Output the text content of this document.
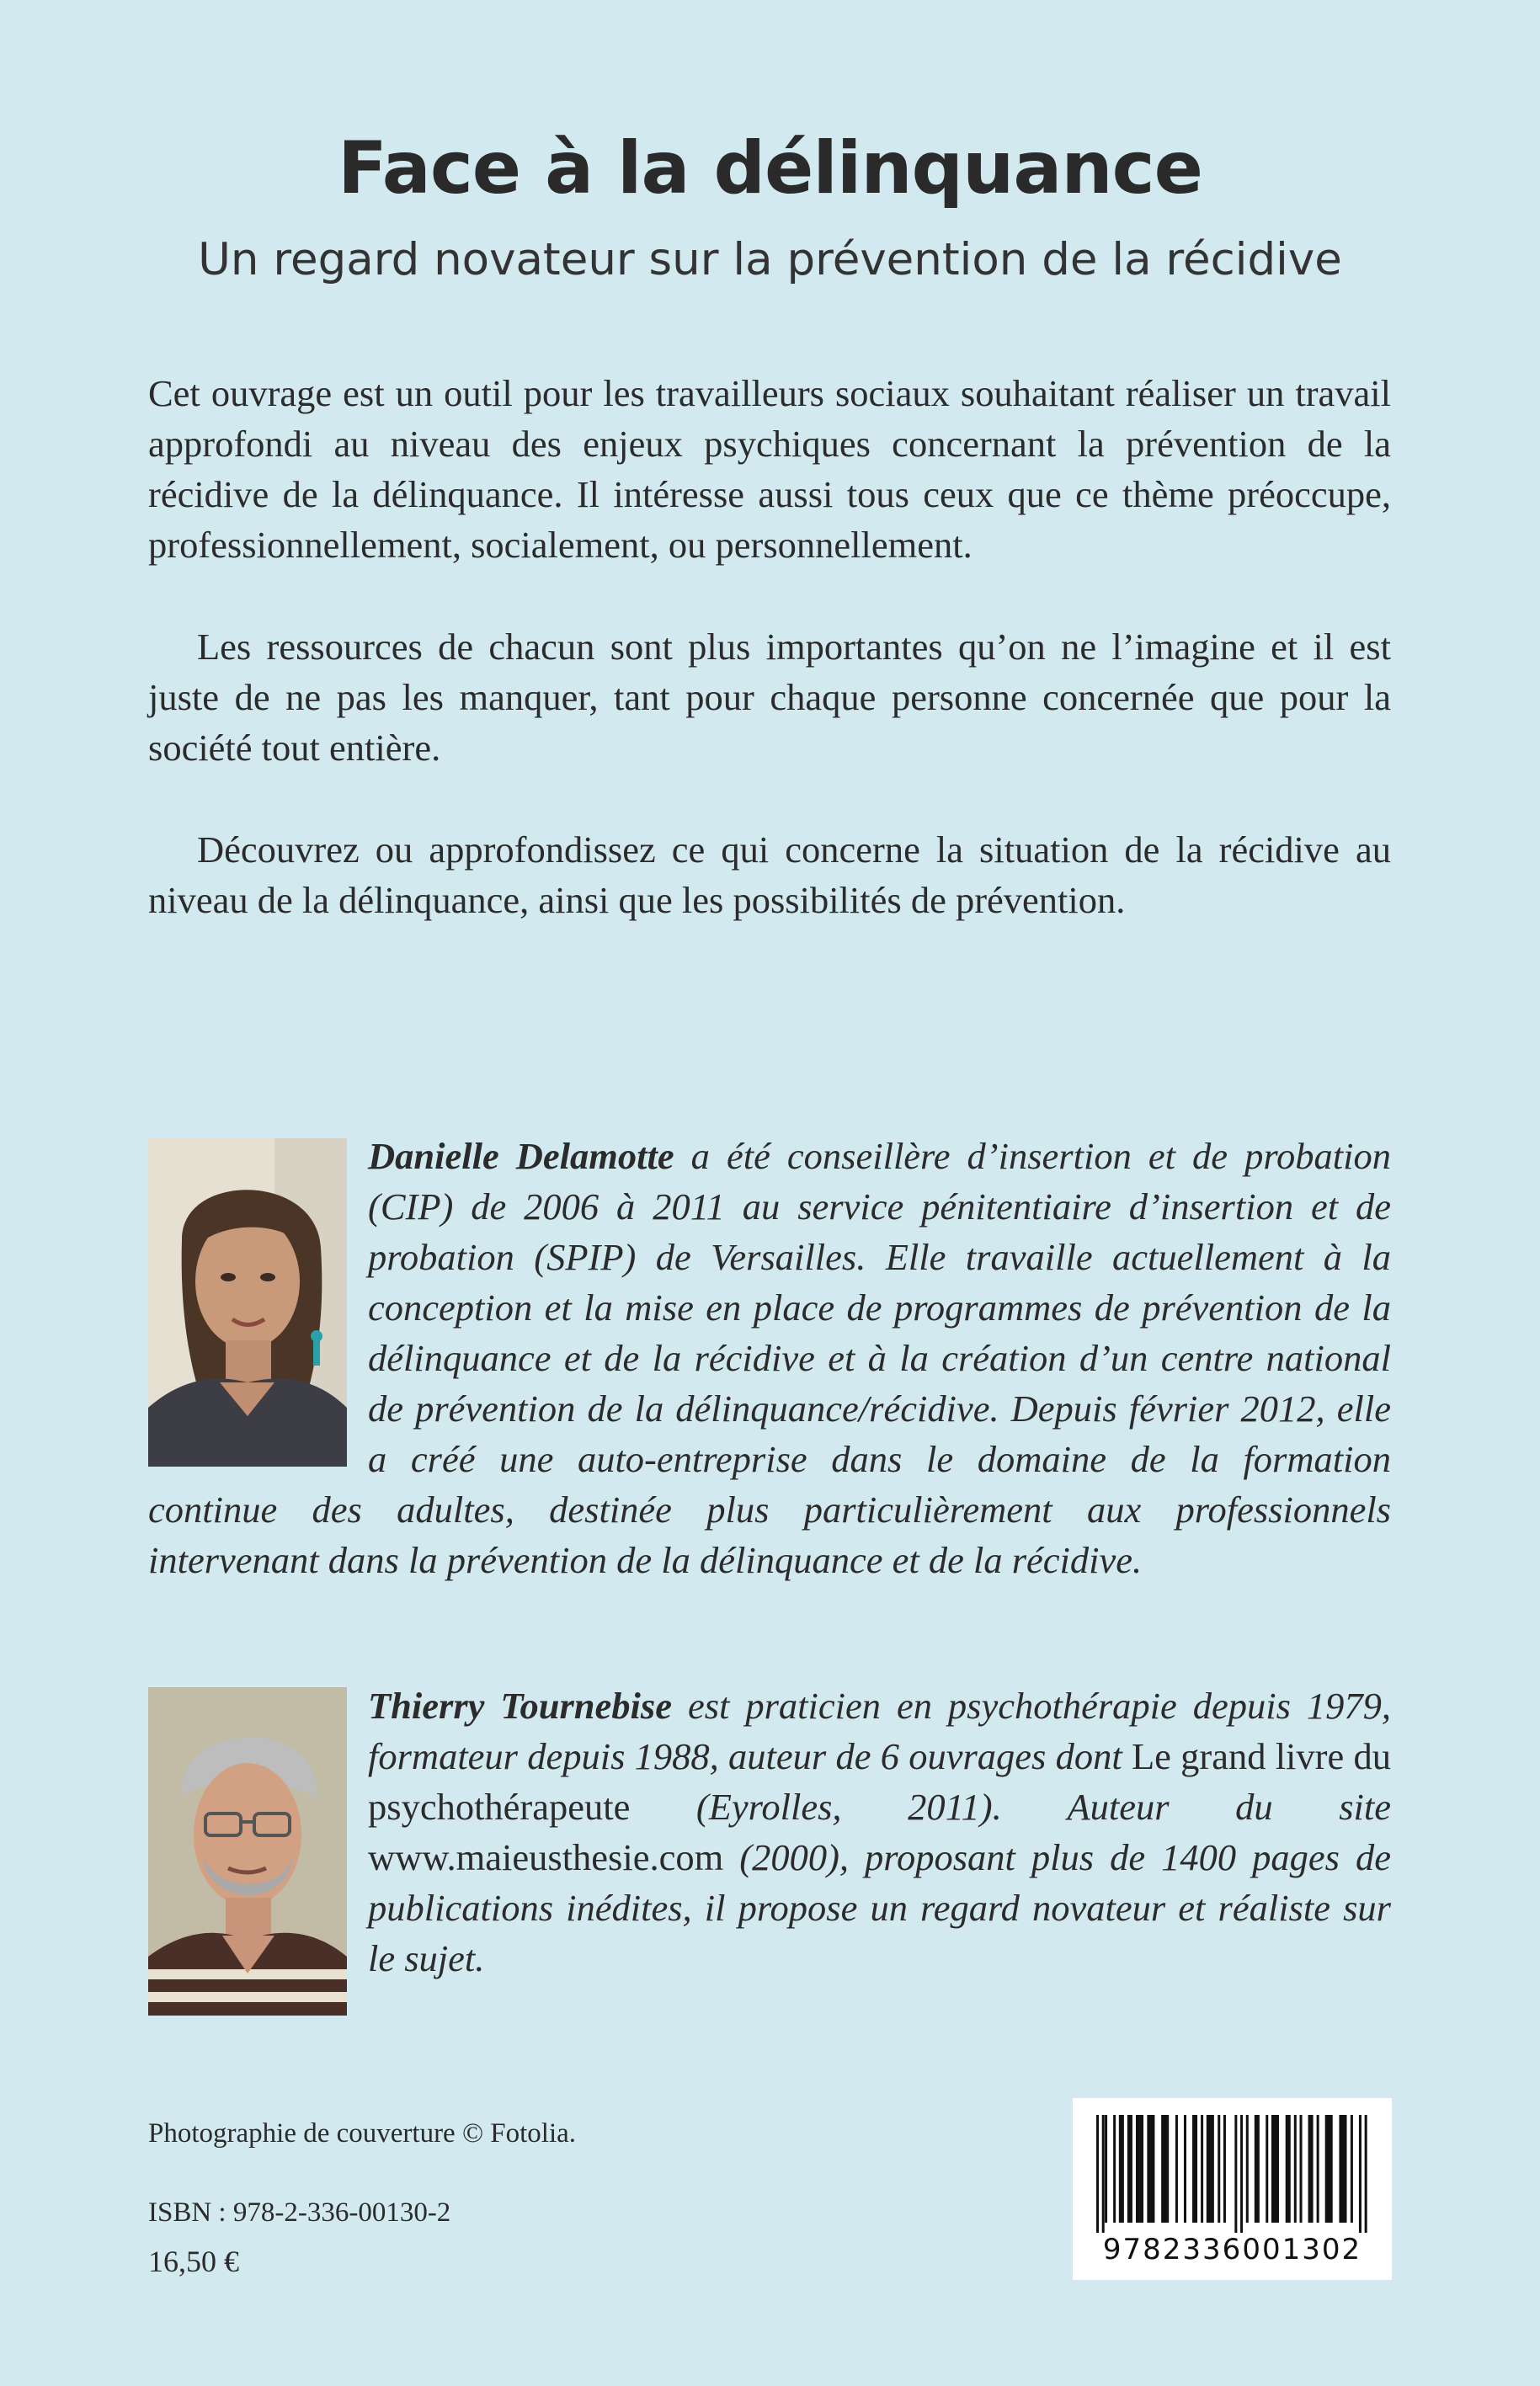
Face à la délinquance

Un regard novateur sur la prévention de la récidive

Cet ouvrage est un outil pour les travailleurs sociaux souhaitant réaliser un travail approfondi au niveau des enjeux psychiques concernant la prévention de la récidive de la délinquance. Il intéresse aussi tous ceux que ce thème préoccupe, professionnellement, socialement, ou personnellement.

Les ressources de chacun sont plus importantes qu’on ne l’imagine et il est juste de ne pas les manquer, tant pour chaque personne concernée que pour la société tout entière.

Découvrez ou approfondissez ce qui concerne la situation de la récidive au niveau de la délinquance, ainsi que les possibilités de prévention.

Danielle Delamotte a été conseillère d’insertion et de probation (CIP) de 2006 à 2011 au service pénitentiaire d’insertion et de probation (SPIP) de Versailles. Elle travaille actuellement à la conception et la mise en place de programmes de prévention de la délinquance et de la récidive et à la création d’un centre national de prévention de la délinquance/récidive. Depuis février 2012, elle a créé une auto-entreprise dans le domaine de la formation continue des adultes, destinée plus particulièrement aux professionnels intervenant dans la prévention de la délinquance et de la récidive.

Thierry Tournebise est praticien en psychothérapie depuis 1979, formateur depuis 1988, auteur de 6 ouvrages dont Le grand livre du psychothérapeute (Eyrolles, 2011). Auteur du site www.maieusthesie.com (2000), proposant plus de 1400 pages de publications inédites, il propose un regard novateur et réaliste sur le sujet.

Photographie de couverture © Fotolia.

ISBN : 978-2-336-00130-2

16,50 €	9782336001302
